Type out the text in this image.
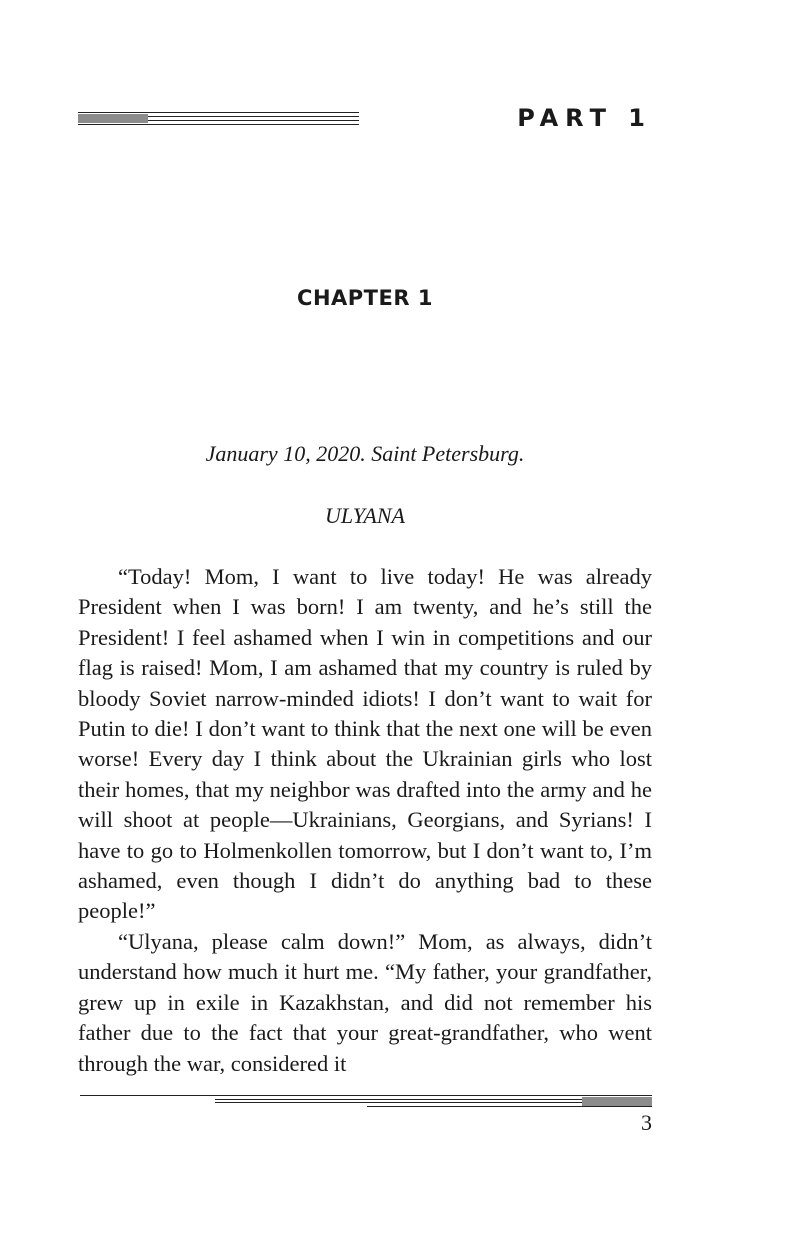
PART 1
CHAPTER 1

January 10, 2020. Saint Petersburg.

ULYANA

“Today! Mom, I want to live today! He was already President when I was born! I am twenty, and he’s still the President! I feel ashamed when I win in competitions and our flag is raised! Mom, I am ashamed that my country is ruled by bloody Soviet narrow-minded idiots! I don’t want to wait for Putin to die! I don’t want to think that the next one will be even worse! Every day I think about the Ukrainian girls who lost their homes, that my neighbor was drafted into the army and he will shoot at people—Ukrainians, Georgians, and Syrians! I have to go to Holmenkollen tomorrow, but I don’t want to, I’m ashamed, even though I didn’t do anything bad to these people!”

“Ulyana, please calm down!” Mom, as always, didn’t understand how much it hurt me. “My father, your grandfather, grew up in exile in Kazakhstan, and did not remember his father due to the fact that your great-grandfather, who went through the war, considered it

3
